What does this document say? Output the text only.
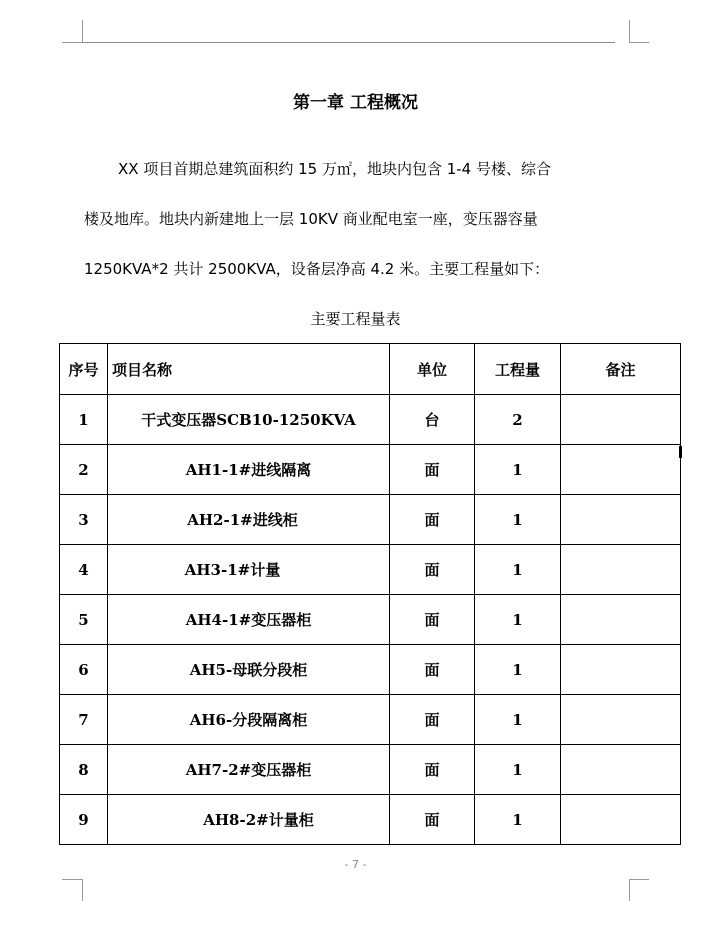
第一章 工程概况
XX 项目首期总建筑面积约 15 万㎡，地块内包含 1-4 号楼、综合
楼及地库。地块内新建地上一层 10KV 商业配电室一座，变压器容量
1250KVA*2 共计 2500KVA，设备层净高 4.2 米。主要工程量如下：
主要工程量表
序号	项目名称	单位	工程量	备注
1	干式变压器SCB10-1250KVA	台	2	
2	AH1-1#进线隔离	面	1	
3	AH2-1#进线柜	面	1	
4	AH3-1#计量	面	1	
5	AH4-1#变压器柜	面	1	
6	AH5-母联分段柜	面	1	
7	AH6-分段隔离柜	面	1	
8	AH7-2#变压器柜	面	1	
9	AH8-2#计量柜	面	1	
- 7 -
